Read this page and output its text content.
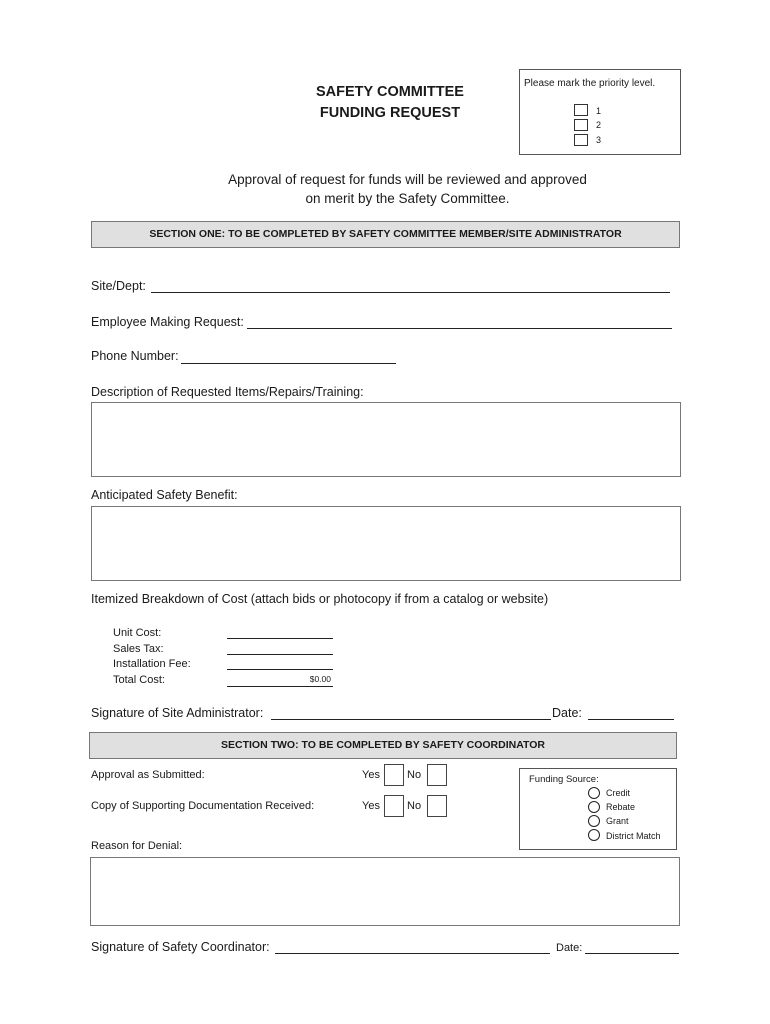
SAFETY COMMITTEE
FUNDING REQUEST
Please mark the priority level.
1
2
3
Approval of request for funds will be reviewed and approved
on merit by the Safety Committee.
SECTION ONE: TO BE COMPLETED BY SAFETY COMMITTEE MEMBER/SITE ADMINISTRATOR
Site/Dept:
Employee Making Request:
Phone Number:
Description of Requested Items/Repairs/Training:
Anticipated Safety Benefit:
Itemized Breakdown of Cost (attach bids or photocopy if from a catalog or website)
Unit Cost:
Sales Tax:
Installation Fee:
Total Cost:	$0.00
Signature of Site Administrator:	Date:
SECTION TWO: TO BE COMPLETED BY SAFETY COORDINATOR
Approval as Submitted:	Yes No
Copy of Supporting Documentation Received:	Yes No
Funding Source:
Credit
Rebate
Grant
District Match
Reason for Denial:
Signature of Safety Coordinator:	Date:
